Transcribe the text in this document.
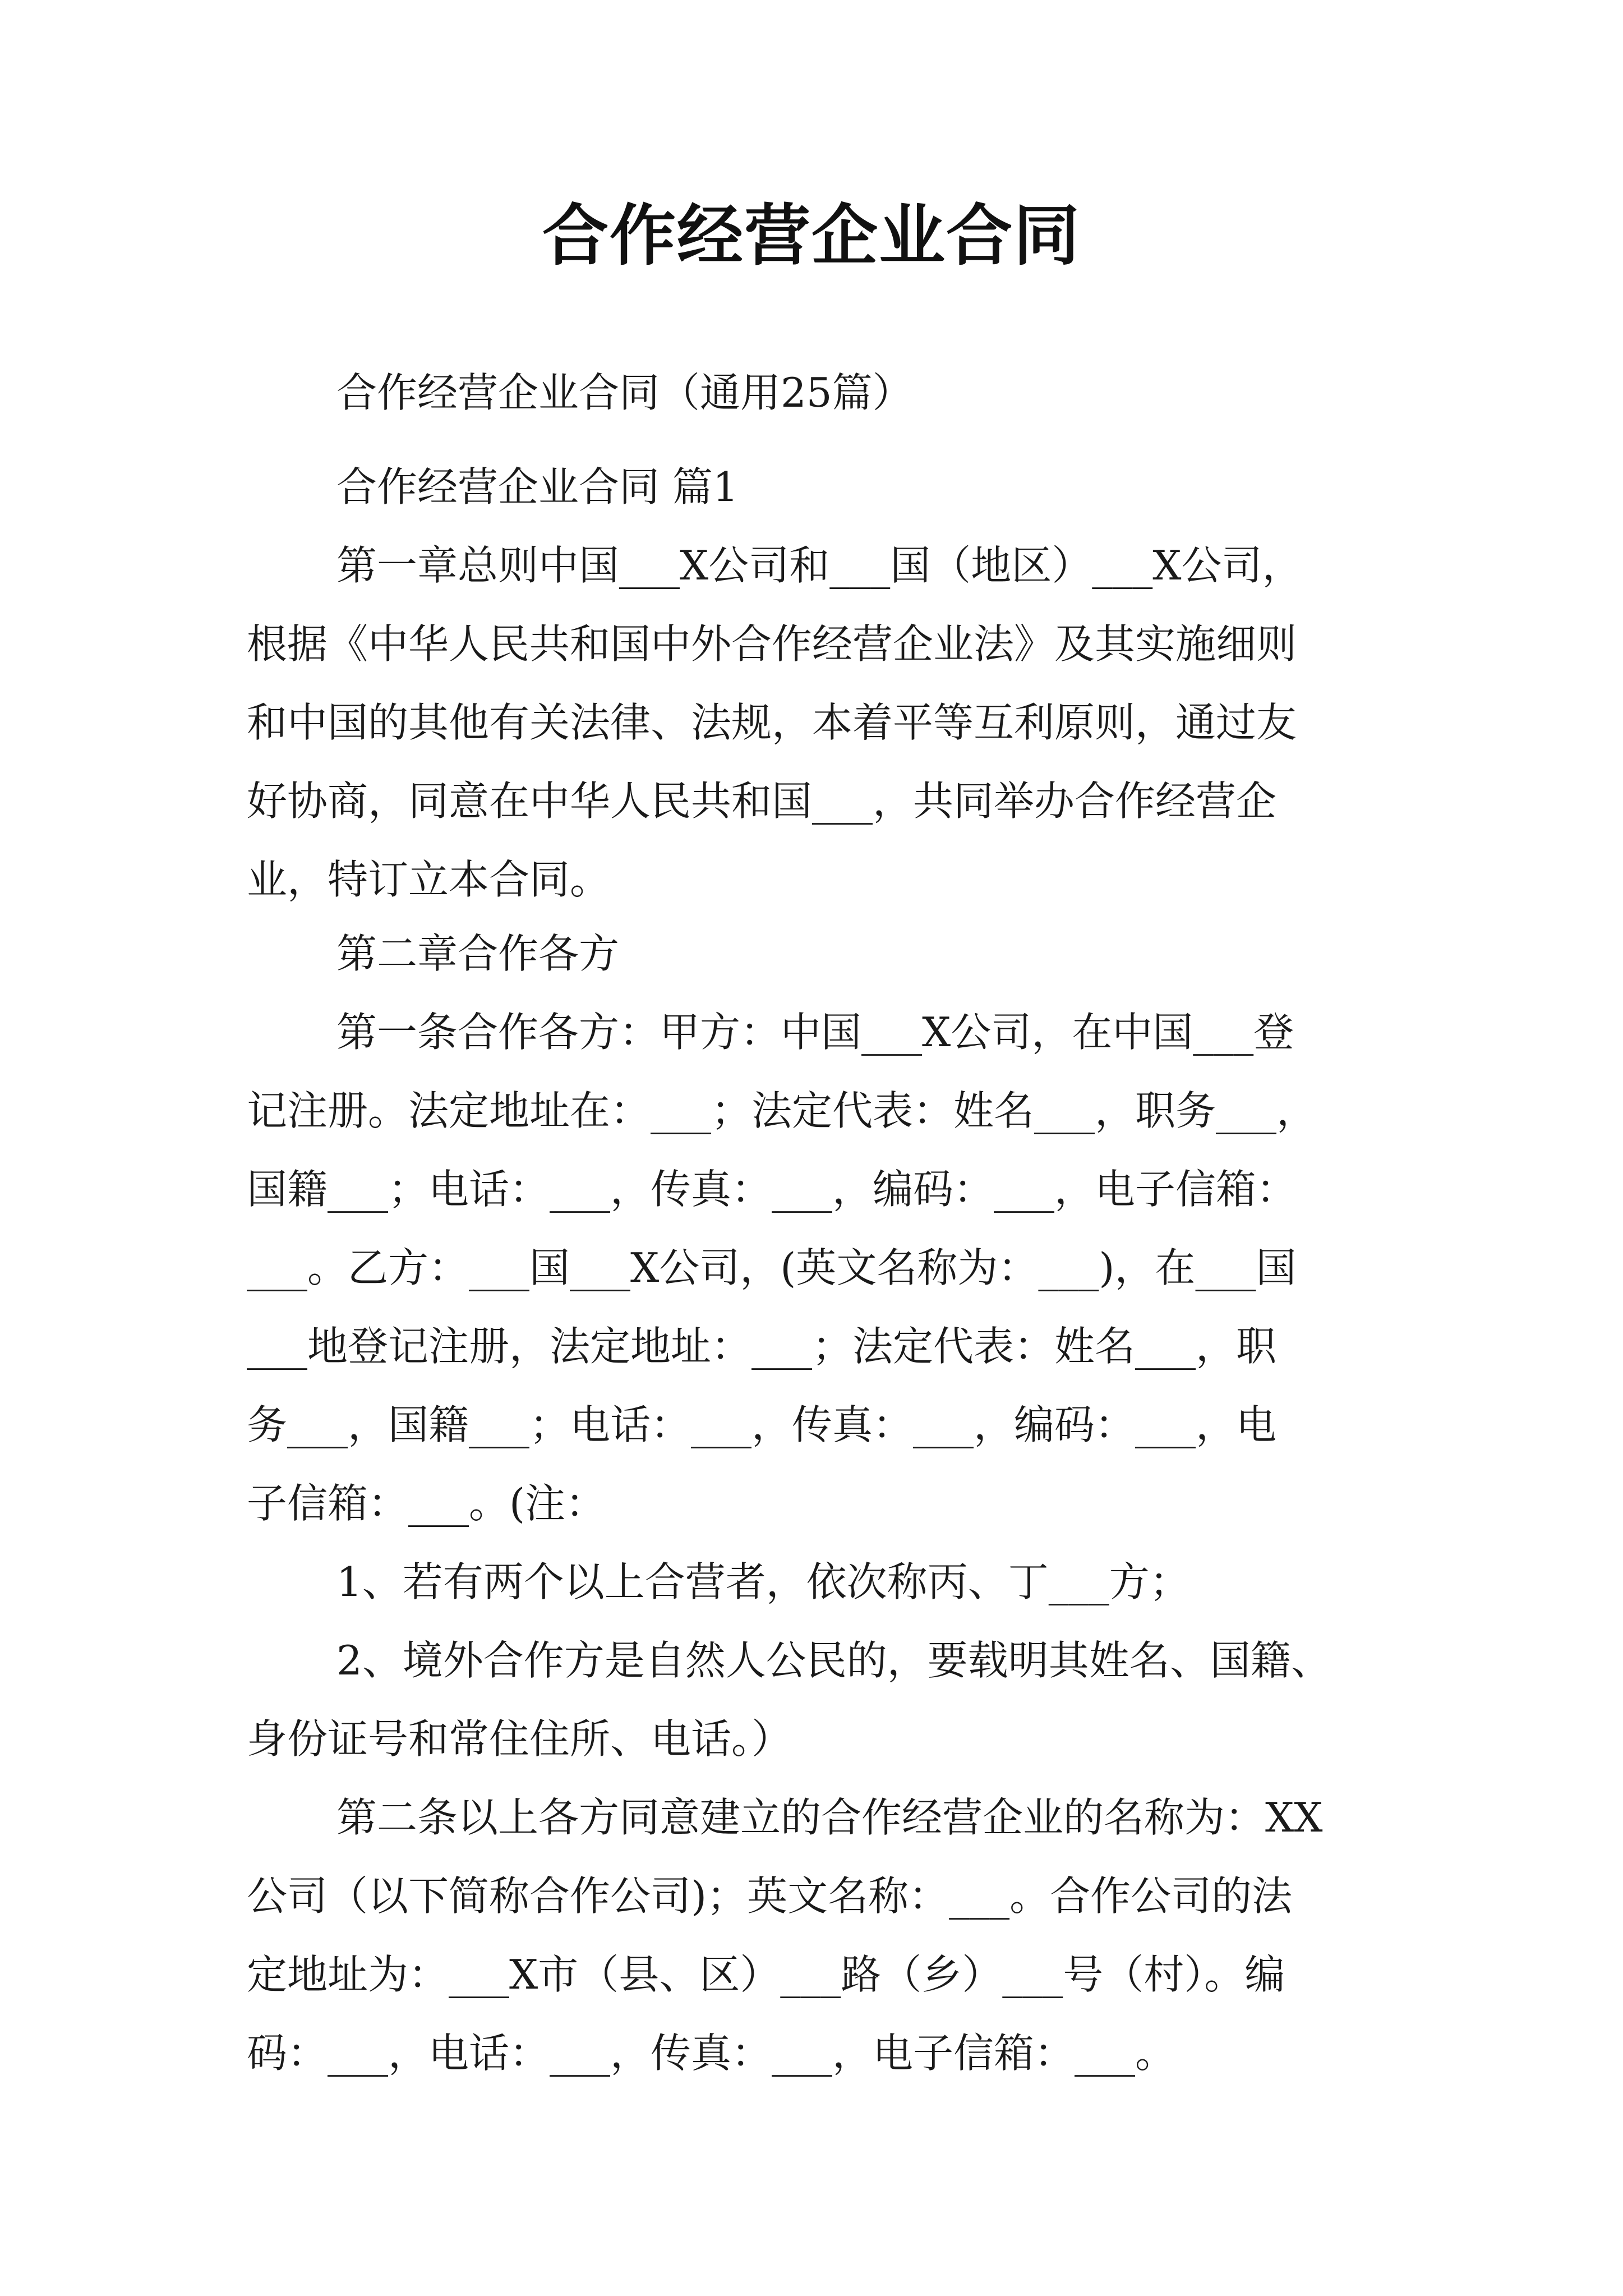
合作经营企业合同
合作经营企业合同（通用25篇）
合作经营企业合同 篇1
第一章总则中国___X公司和___国（地区）___X公司，
根据《中华人民共和国中外合作经营企业法》及其实施细则
和中国的其他有关法律、法规，本着平等互利原则，通过友
好协商，同意在中华人民共和国___，共同举办合作经营企
业，特订立本合同。
第二章合作各方
第一条合作各方：甲方：中国___X公司，在中国___登
记注册。法定地址在：___；法定代表：姓名___，职务___，
国籍___；电话：___，传真：___，编码：___，电子信箱：
___。乙方：___国___X公司，(英文名称为：___)，在___国
___地登记注册，法定地址：___；法定代表：姓名___，职
务___，国籍___；电话：___，传真：___，编码：___，电
子信箱：___。(注：
1、若有两个以上合营者，依次称丙、丁___方；
2、境外合作方是自然人公民的，要载明其姓名、国籍、
身份证号和常住住所、电话。）
第二条以上各方同意建立的合作经营企业的名称为：XX
公司（以下简称合作公司)；英文名称：___。合作公司的法
定地址为：___X市（县、区）___路（乡）___号（村）。编
码：___，电话：___，传真：___，电子信箱：___。
